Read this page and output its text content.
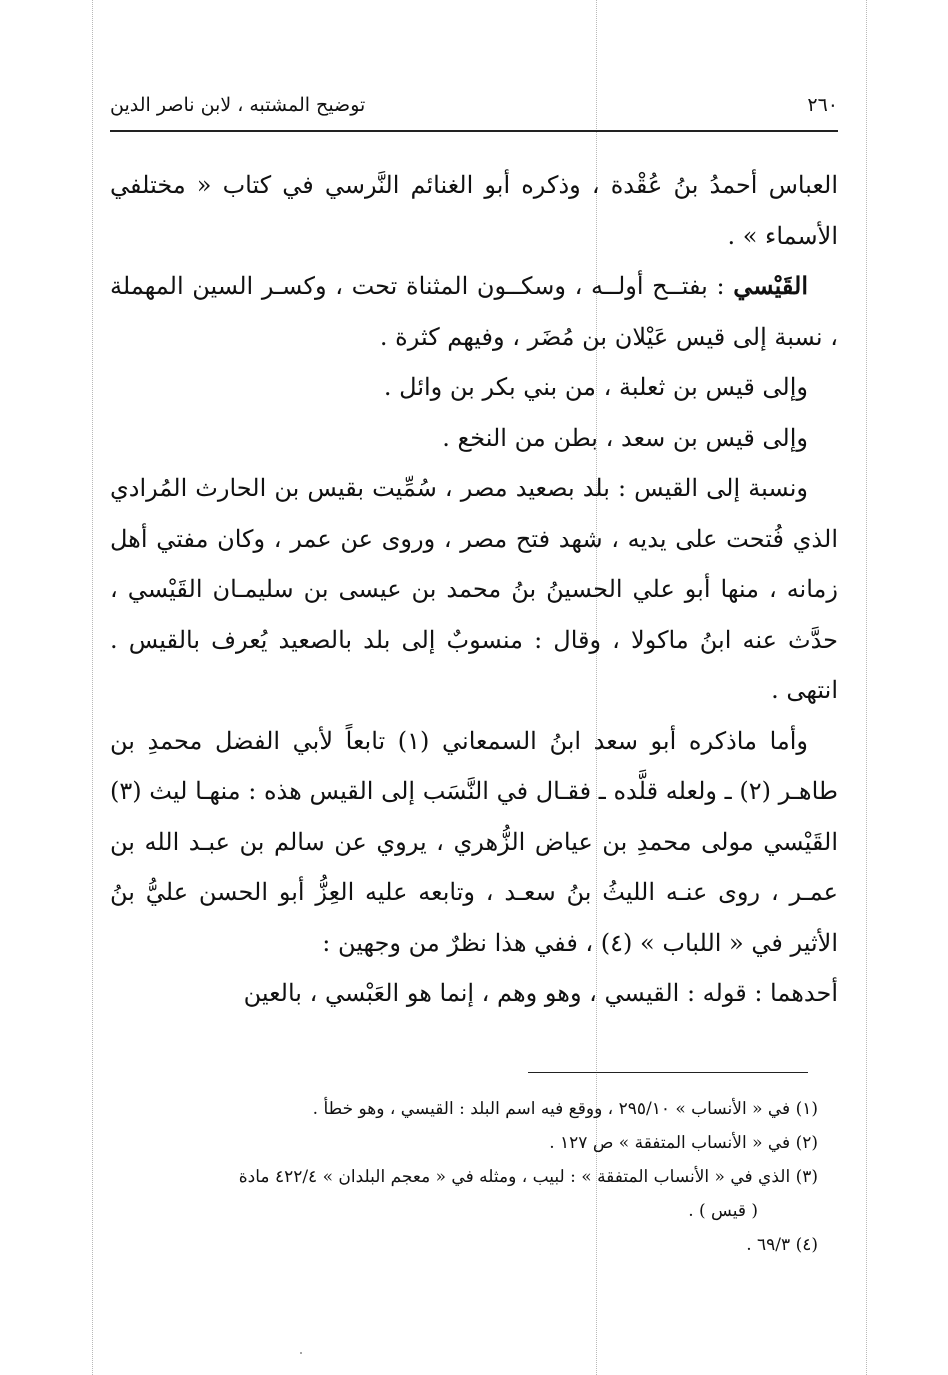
٢٦٠
توضيح المشتبه ، لابن ناصر الدين

العباس أحمدُ بنُ عُقْدة ، وذكره أبو الغنائم النَّرسي في كتاب « مختلفي الأسماء » .

القَيْسي : بفتــح أولــه ، وسكــون المثناة تحت ، وكسـر السين المهملة ، نسبة إلى قيس عَيْلان بن مُضَر ، وفيهم كثرة .

وإلى قيس بن ثعلبة ، من بني بكر بن وائل .

وإلى قيس بن سعد ، بطن من النخع .

ونسبة إلى القيس : بلد بصعيد مصر ، سُمِّيت بقيس بن الحارث المُرادي الذي فُتحت على يديه ، شهد فتح مصر ، وروى عن عمر ، وكان مفتي أهل زمانه ، منها أبو علي الحسينُ بنُ محمد بن عيسى بن سليمـان القَيْسي ، حدَّث عنه ابنُ ماكولا ، وقال : منسوبٌ إلى بلد بالصعيد يُعرف بالقيس . انتهى .

وأما ماذكره أبو سعد ابنُ السمعاني (١) تابعاً لأبي الفضل محمدِ بن طاهـر (٢) ـ ولعله قلَّده ـ فقـال في النَّسَب إلى القيس هذه : منهـا ليث (٣) القَيْسي مولى محمدِ بن عياض الزُّهري ، يروي عن سالم بن عبـد الله بن عمـر ، روى عنـه الليثُ بنُ سعـد ، وتابعه عليه العِزُّ أبو الحسن عليُّ بنُ الأثير في « اللباب » (٤) ، ففي هذا نظرٌ من وجهين :

أحدهما : قوله : القيسي ، وهو وهم ، إنما هو العَبْسي ، بالعين

(١) في « الأنساب » ٢٩٥/١٠ ، ووقع فيه اسم البلد : القيسي ، وهو خطأ .

(٢) في « الأنساب المتفقة » ص ١٢٧ .

(٣) الذي في « الأنساب المتفقة » : لبيب ، ومثله في « معجم البلدان » ٤٢٢/٤ مادة

( قيس ) .

(٤) ٦٩/٣ .
